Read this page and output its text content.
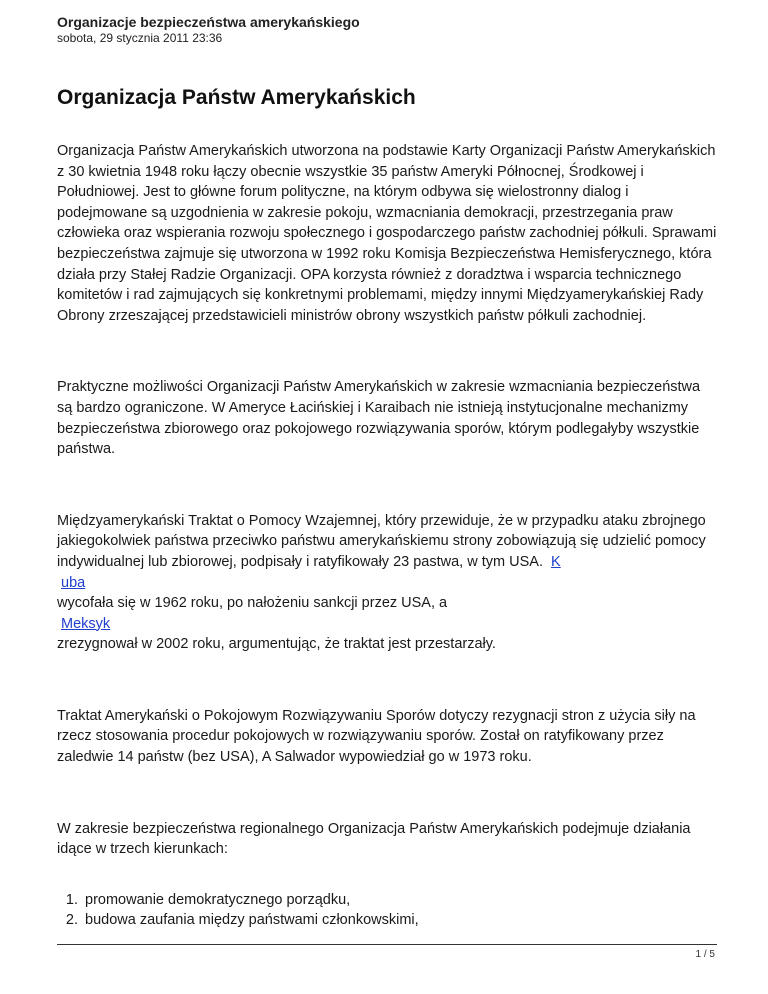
Organizacje bezpieczeństwa amerykańskiego
sobota, 29 stycznia 2011 23:36
Organizacja Państw Amerykańskich

Organizacja Państw Amerykańskich utworzona na podstawie Karty Organizacji Państw Amerykańskich z 30 kwietnia 1948 roku łączy obecnie wszystkie 35 państw Ameryki Północnej, Środkowej i Południowej. Jest to główne forum polityczne, na którym odbywa się wielostronny dialog i podejmowane są uzgodnienia w zakresie pokoju, wzmacniania demokracji, przestrzegania praw człowieka oraz wspierania rozwoju społecznego i gospodarczego państw zachodniej półkuli. Sprawami bezpieczeństwa zajmuje się utworzona w 1992 roku Komisja Bezpieczeństwa Hemisferycznego, która działa przy Stałej Radzie Organizacji. OPA korzysta również z doradztwa i wsparcia technicznego komitetów i rad zajmujących się konkretnymi problemami, między innymi Międzyamerykańskiej Rady Obrony zrzeszającej przedstawicieli ministrów obrony wszystkich państw półkuli zachodniej.

Praktyczne możliwości Organizacji Państw Amerykańskich w zakresie wzmacniania bezpieczeństwa są bardzo ograniczone. W Ameryce Łacińskiej i Karaibach nie istnieją instytucjonalne mechanizmy bezpieczeństwa zbiorowego oraz pokojowego rozwiązywania sporów, którym podlegałyby wszystkie państwa.

Międzyamerykański Traktat o Pomocy Wzajemnej, który przewiduje, że w przypadku ataku zbrojnego jakiegokolwiek państwa przeciwko państwu amerykańskiemu strony zobowiązują się udzielić pomocy indywidualnej lub zbiorowej, podpisały i ratyfikowały 23 pastwa, w tym USA. K
uba
wycofała się w 1962 roku, po nałożeniu sankcji przez USA, a
Meksyk
zrezygnował w 2002 roku, argumentując, że traktat jest przestarzały.

Traktat Amerykański o Pokojowym Rozwiązywaniu Sporów dotyczy rezygnacji stron z użycia siły na rzecz stosowania procedur pokojowych w rozwiązywaniu sporów. Został on ratyfikowany przez zaledwie 14 państw (bez USA), A Salwador wypowiedział go w 1973 roku.

W zakresie bezpieczeństwa regionalnego Organizacja Państw Amerykańskich podejmuje działania idące w trzech kierunkach:

1. promowanie demokratycznego porządku,
2. budowa zaufania między państwami członkowskimi,
1 / 5
